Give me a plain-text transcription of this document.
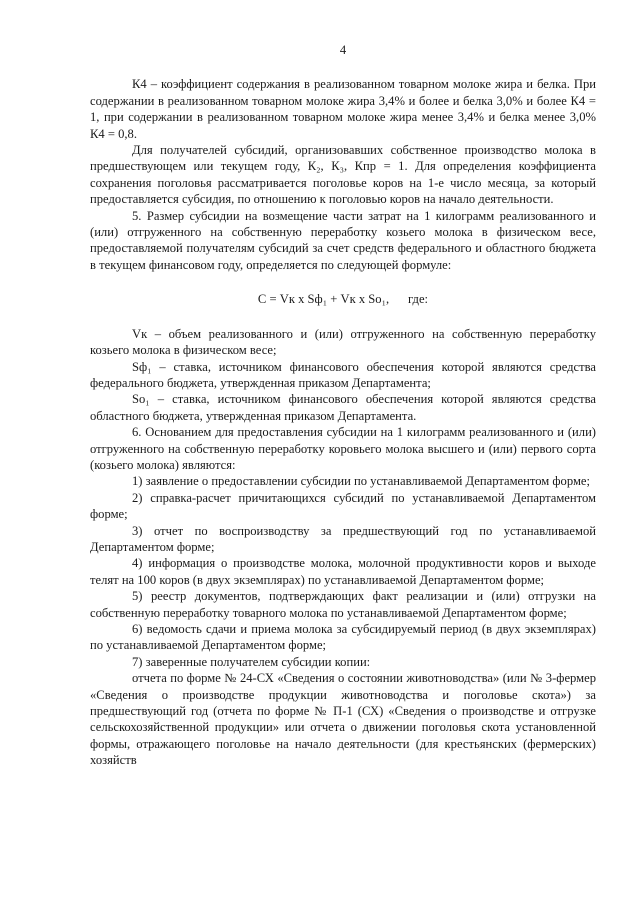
4

К4 – коэффициент содержания в реализованном товарном молоке жира и белка. При содержании в реализованном товарном молоке жира 3,4% и более и белка 3,0% и более К4 = 1, при содержании в реализованном товарном молоке жира менее 3,4% и белка менее 3,0% К4 = 0,8.

Для получателей субсидий, организовавших собственное производство молока в предшествующем или текущем году, К₂, К₃, Кпр = 1. Для определения коэффициента сохранения поголовья рассматривается поголовье коров на 1-е число месяца, за который предоставляется субсидия, по отношению к поголовью коров на начало деятельности.

5. Размер субсидии на возмещение части затрат на 1 килограмм реализованного и (или) отгруженного на собственную переработку козьего молока в физическом весе, предоставляемой получателям субсидий за счет средств федерального и областного бюджета в текущем финансовом году, определяется по следующей формуле:

С = Vк х Sф₁ + Vк х Sо₁,      где:

Vк – объем реализованного и (или) отгруженного на собственную переработку козьего молока в физическом весе;

Sф₁ – ставка, источником финансового обеспечения которой являются средства федерального бюджета, утвержденная приказом Департамента;

Sо₁ – ставка, источником финансового обеспечения которой являются средства областного бюджета, утвержденная приказом Департамента.

6. Основанием для предоставления субсидии на 1 килограмм реализованного и (или) отгруженного на собственную переработку коровьего молока высшего и (или) первого сорта (козьего молока) являются:

1) заявление о предоставлении субсидии по устанавливаемой Департаментом форме;

2) справка-расчет причитающихся субсидий по устанавливаемой Департаментом форме;

3) отчет по воспроизводству за предшествующий год по устанавливаемой Департаментом форме;

4) информация о производстве молока, молочной продуктивности коров и выходе телят на 100 коров (в двух экземплярах) по устанавливаемой Департаментом форме;

5) реестр документов, подтверждающих факт реализации и (или) отгрузки на собственную переработку товарного молока по устанавливаемой Департаментом форме;

6) ведомость сдачи и приема молока за субсидируемый период (в двух экземплярах) по устанавливаемой Департаментом форме;

7) заверенные получателем субсидии копии:

отчета по форме № 24-СХ «Сведения о состоянии животноводства» (или № 3-фермер «Сведения о производстве продукции животноводства и поголовье скота») за предшествующий год (отчета по форме № П-1 (СХ) «Сведения о производстве и отгрузке сельскохозяйственной продукции» или отчета о движении поголовья скота установленной формы, отражающего поголовье на начало деятельности (для крестьянских (фермерских) хозяйств
